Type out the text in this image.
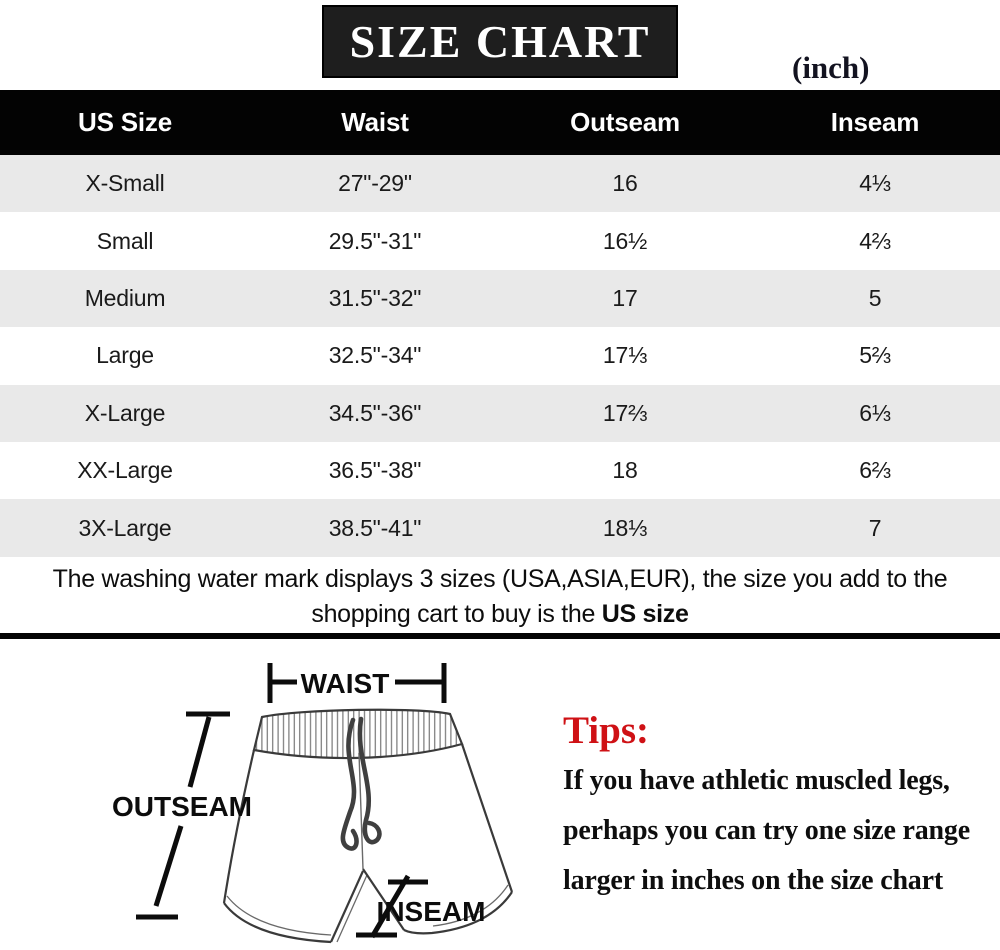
SIZE CHART
(inch)
US Size	Waist	Outseam	Inseam
X-Small	27"-29"	16	4⅓
Small	29.5"-31"	16½	4⅔
Medium	31.5"-32"	17	5
Large	32.5"-34"	17⅓	5⅔
X-Large	34.5"-36"	17⅔	6⅓
XX-Large	36.5"-38"	18	6⅔
3X-Large	38.5"-41"	18⅓	7
The washing water mark displays 3 sizes (USA,ASIA,EUR), the size you add to the
shopping cart to buy is the US size
WAIST
OUTSEAM
INSEAM
Tips:
If you have athletic muscled legs,
perhaps you can try one size range
larger in inches on the size chart
